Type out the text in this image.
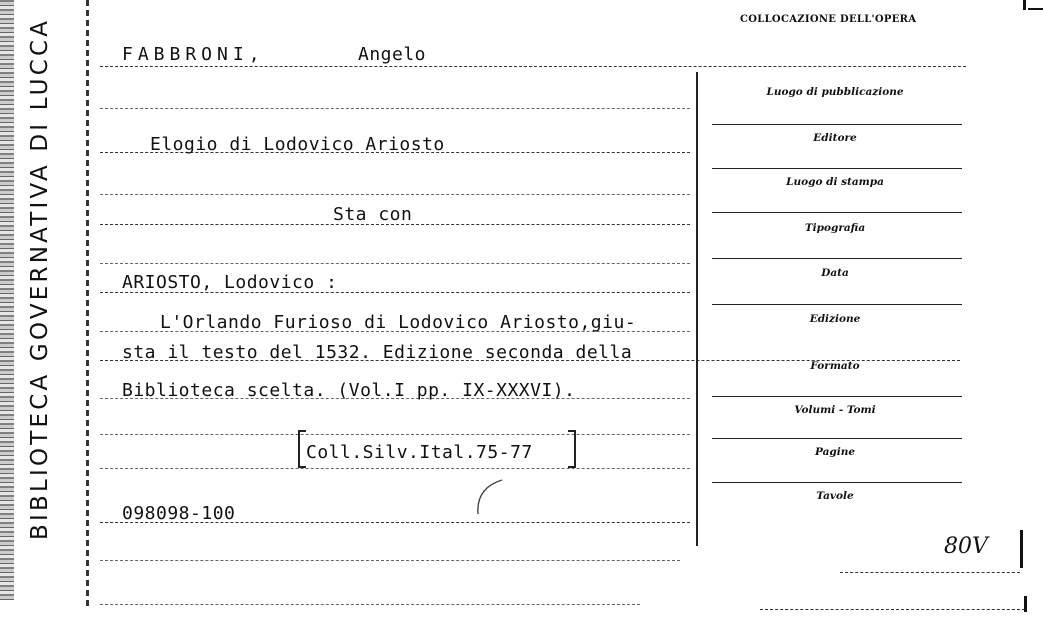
BIBLIOTECA GOVERNATIVA DI LUCCA	COLLOCAZIONE DELL'OPERA
FABBRONI,	Angelo
Elogio di Lodovico Ariosto
Sta con
ARIOSTO, Lodovico :
L'Orlando Furioso di Lodovico Ariosto,giu-
sta il testo del 1532. Edizione seconda della
Biblioteca scelta. (Vol.I pp. IX-XXXVI).
Coll.Silv.Ital.75-77
098098-100
Luogo di pubblicazione
Editore
Luogo di stampa
Tipografia
Data
Edizione
Formato
Volumi - Tomi
Pagine
Tavole
80V
